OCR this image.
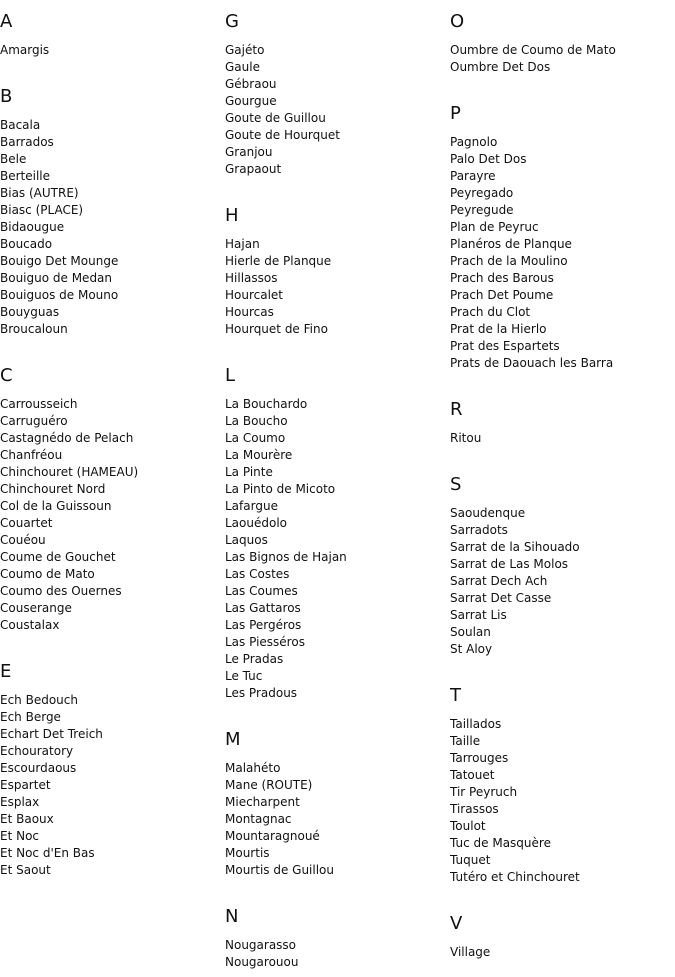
A
Amargis
B
Bacala
Barrados
Bele
Berteille
Bias (AUTRE)
Biasc (PLACE)
Bidaougue
Boucado
Bouigo Det Mounge
Bouiguo de Medan
Bouiguos de Mouno
Bouyguas
Broucaloun
C
Carrousseich
Carruguéro
Castagnédo de Pelach
Chanfréou
Chinchouret (HAMEAU)
Chinchouret Nord
Col de la Guissoun
Couartet
Couéou
Coume de Gouchet
Coumo de Mato
Coumo des Ouernes
Couserange
Coustalax
E
Ech Bedouch
Ech Berge
Echart Det Treich
Echouratory
Escourdaous
Espartet
Esplax
Et Baoux
Et Noc
Et Noc d'En Bas
Et Saout
G
Gajéto
Gaule
Gébraou
Gourgue
Goute de Guillou
Goute de Hourquet
Granjou
Grapaout
H
Hajan
Hierle de Planque
Hillassos
Hourcalet
Hourcas
Hourquet de Fino
L
La Bouchardo
La Boucho
La Coumo
La Mourère
La Pinte
La Pinto de Micoto
Lafargue
Laouédolo
Laquos
Las Bignos de Hajan
Las Costes
Las Coumes
Las Gattaros
Las Pergéros
Las Piesséros
Le Pradas
Le Tuc
Les Pradous
M
Malahéto
Mane (ROUTE)
Miecharpent
Montagnac
Mountaragnoué
Mourtis
Mourtis de Guillou
N
Nougarasso
Nougarouou
O
Oumbre de Coumo de Mato
Oumbre Det Dos
P
Pagnolo
Palo Det Dos
Parayre
Peyregado
Peyregude
Plan de Peyruc
Planéros de Planque
Prach de la Moulino
Prach des Barous
Prach Det Poume
Prach du Clot
Prat de la Hierlo
Prat des Espartets
Prats de Daouach les Barra
R
Ritou
S
Saoudenque
Sarradots
Sarrat de la Sihouado
Sarrat de Las Molos
Sarrat Dech Ach
Sarrat Det Casse
Sarrat Lis
Soulan
St Aloy
T
Taillados
Taille
Tarrouges
Tatouet
Tir Peyruch
Tirassos
Toulot
Tuc de Masquère
Tuquet
Tutéro et Chinchouret
V
Village
